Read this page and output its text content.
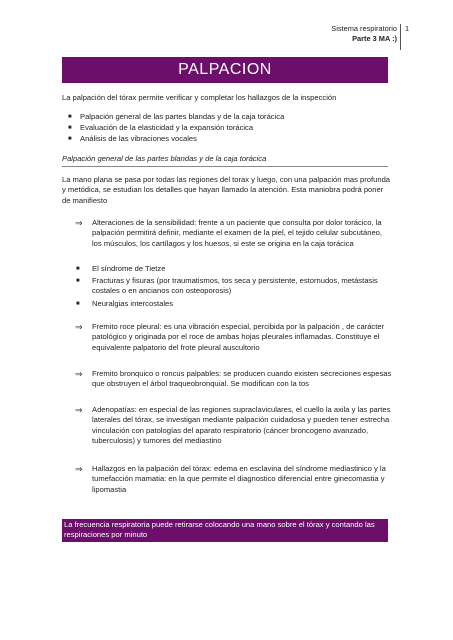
Sistema respiratorio
Parte 3 MA :)
1
PALPACION
La palpación del tórax permite verificar y completar los hallazgos de la inspección
■ Palpación general de las partes blandas y de la caja torácica
■ Evaluación de la elasticidad y la expansión torácica
■ Análisis de las vibraciones vocales
Palpación general de las partes blandas y de la caja torácica
La mano plana se pasa por todas las regiones del torax y luego, con una palpación mas profunda y metódica, se estudian los detalles que hayan llamado la atención. Esta maniobra podrá poner de manifiesto
⇒ Alteraciones de la sensibilidad: frente a un paciente que consulta por dolor torácico, la palpación permitirá definir, mediante el examen de la piel, el tejido celular subcutáneo, los músculos, los cartílagos y los huesos, si este se origina en la caja torácica
■ El síndrome de Tietze
■ Fracturas y fisuras (por traumatismos, tos seca y persistente, estornudos, metástasis costales o en ancianos con osteoporosis)
■ Neuralgias intercostales
⇒ Fremito roce pleural: es una vibración especial, percibida por la palpación , de carácter patológico y originada por el roce de ambas hojas pleurales inflamadas. Constituye el equivalente palpatorio del frote pleural auscultorio
⇒ Fremito bronquico o roncus palpables: se producen cuando existen secreciones espesas que obstruyen el árbol traqueobronquial. Se modifican con la tos
⇒ Adenopatías: en especial de las regiones supraclaviculares, el cuello la axila y las partes laterales del tórax, se investigan mediante palpación cuidadosa y pueden tener estrecha vinculación con patologías del aparato respiratorio (cáncer broncogeno avanzado, tuberculosis) y tumores del mediastino
⇒ Hallazgos en la palpación del tórax: edema en esclavina del síndrome mediastinico y la tumefacción mamatia: en la que permite el diagnostico diferencial entre ginecomastia y lipomastia
La frecuencia respiratoria puede retirarse colocando una mano sobre el tórax y contando las respiraciones por minuto
